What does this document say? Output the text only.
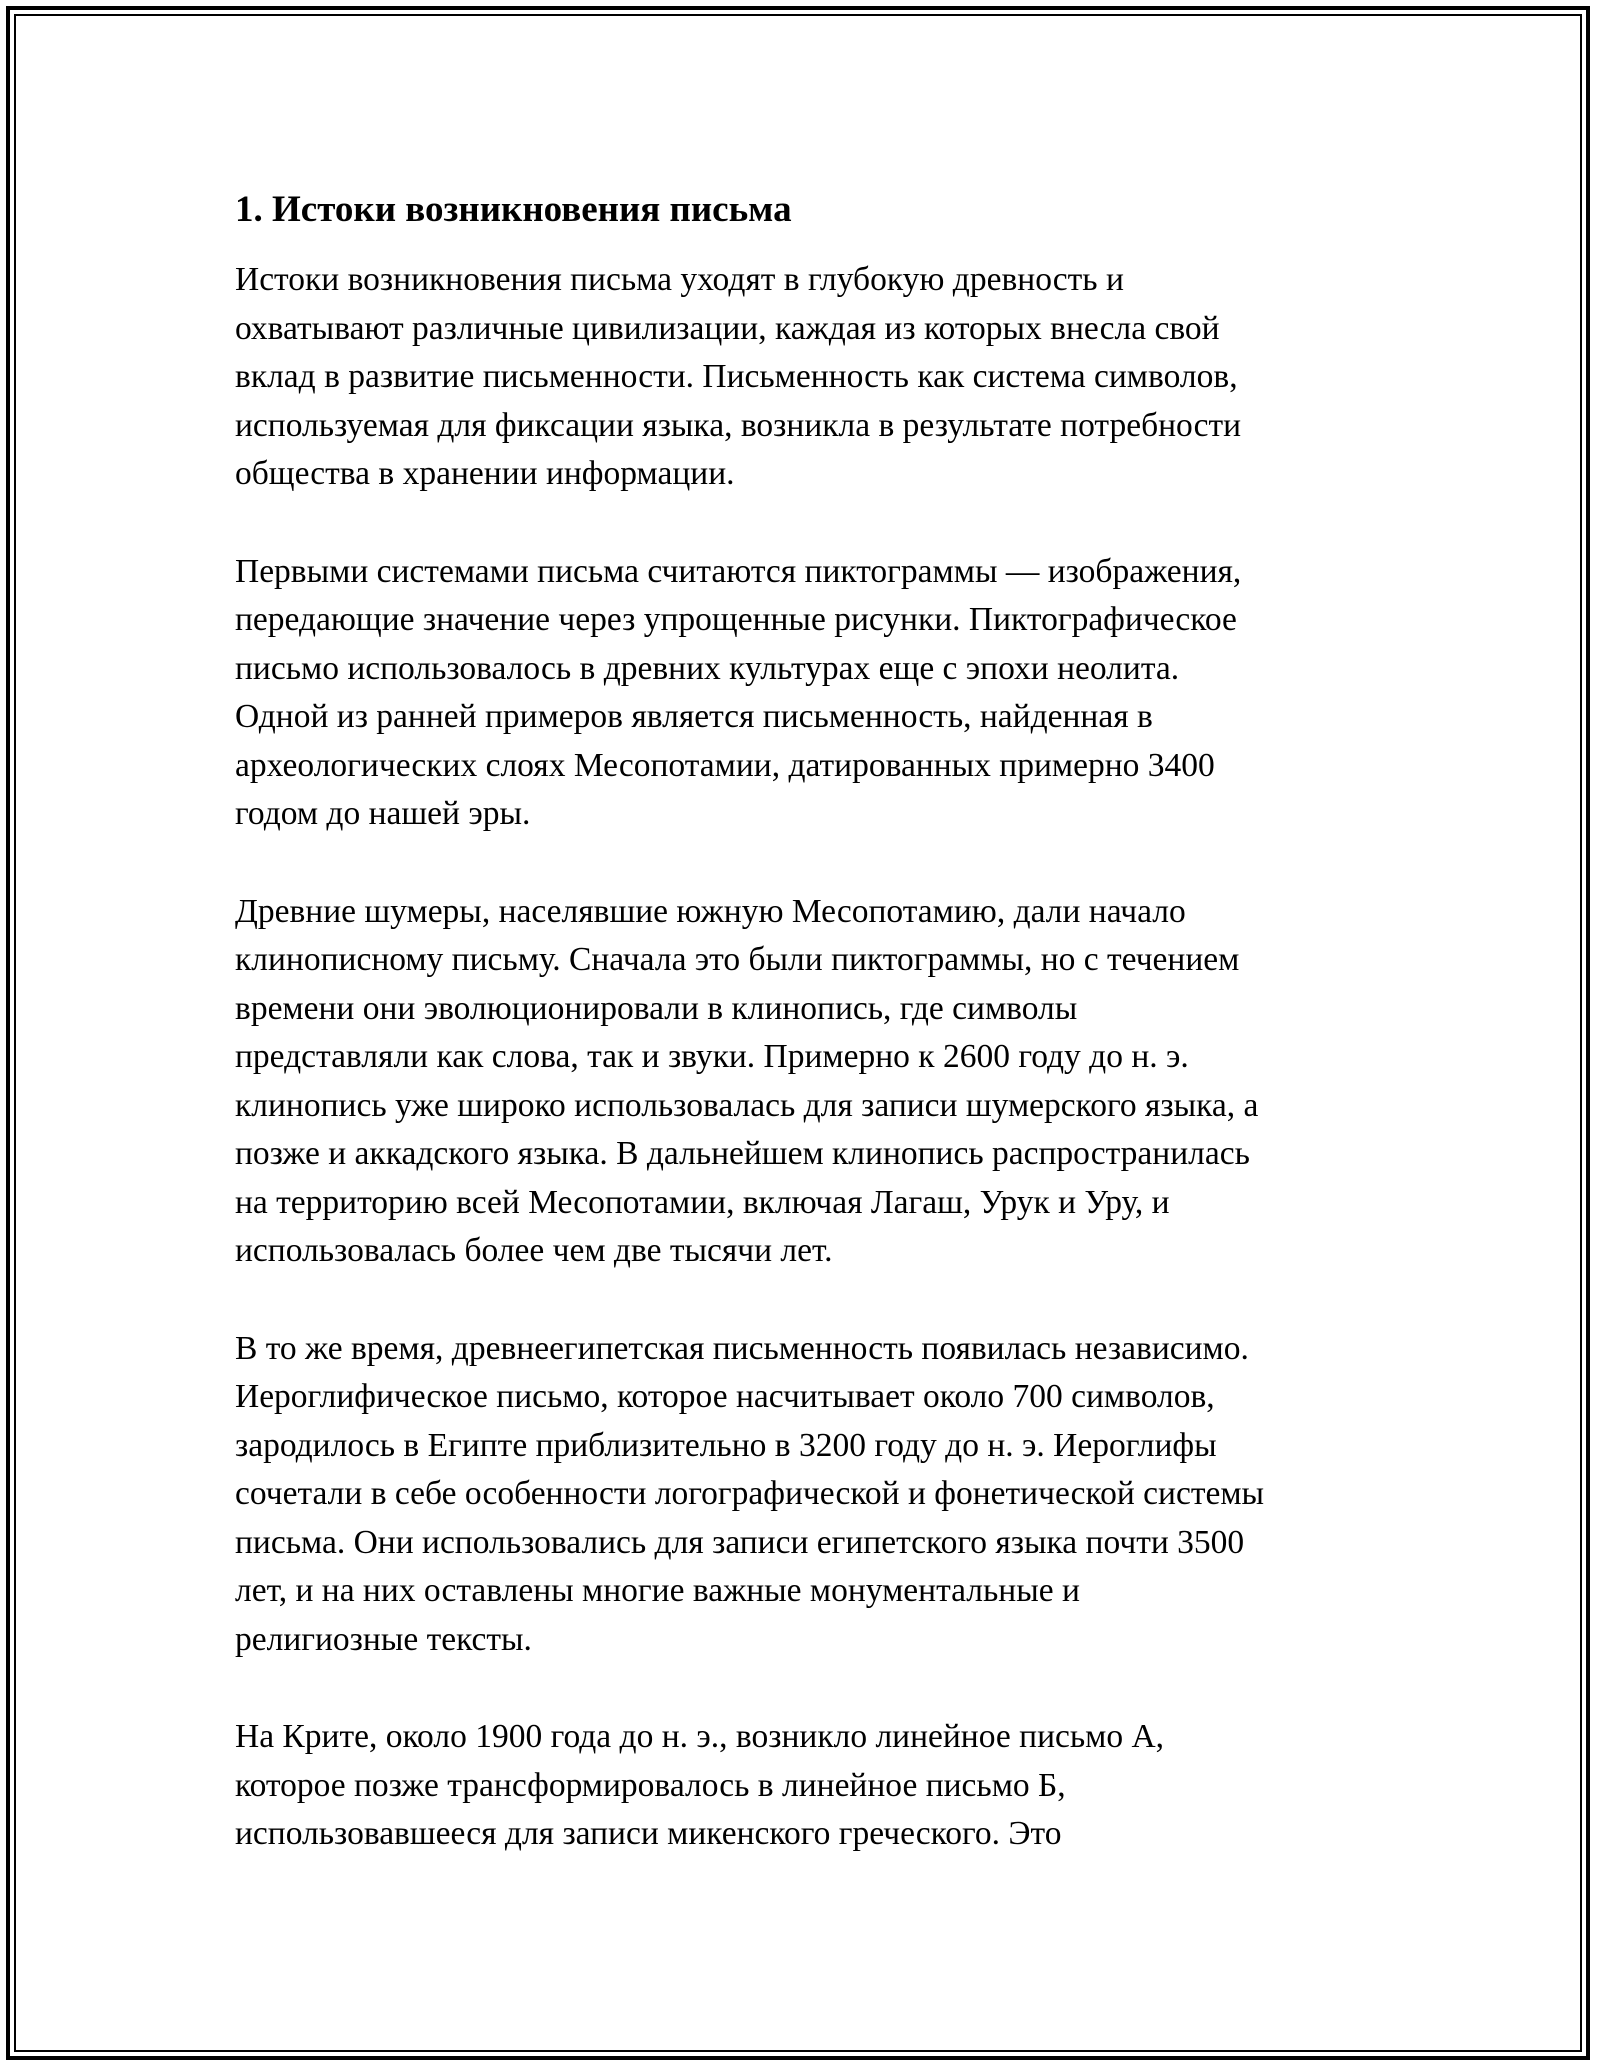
1. Истоки возникновения письма

Истоки возникновения письма уходят в глубокую древность и
охватывают различные цивилизации, каждая из которых внесла свой
вклад в развитие письменности. Письменность как система символов,
используемая для фиксации языка, возникла в результате потребности
общества в хранении информации.

Первыми системами письма считаются пиктограммы — изображения,
передающие значение через упрощенные рисунки. Пиктографическое
письмо использовалось в древних культурах еще с эпохи неолита.
Одной из ранней примеров является письменность, найденная в
археологических слоях Месопотамии, датированных примерно 3400
годом до нашей эры.

Древние шумеры, населявшие южную Месопотамию, дали начало
клинописному письму. Сначала это были пиктограммы, но с течением
времени они эволюционировали в клинопись, где символы
представляли как слова, так и звуки. Примерно к 2600 году до н. э.
клинопись уже широко использовалась для записи шумерского языка, а
позже и аккадского языка. В дальнейшем клинопись распространилась
на территорию всей Месопотамии, включая Лагаш, Урук и Уру, и
использовалась более чем две тысячи лет.

В то же время, древнеегипетская письменность появилась независимо.
Иероглифическое письмо, которое насчитывает около 700 символов,
зародилось в Египте приблизительно в 3200 году до н. э. Иероглифы
сочетали в себе особенности логографической и фонетической системы
письма. Они использовались для записи египетского языка почти 3500
лет, и на них оставлены многие важные монументальные и
религиозные тексты.

На Крите, около 1900 года до н. э., возникло линейное письмо А,
которое позже трансформировалось в линейное письмо Б,
использовавшееся для записи микенского греческого. Это
